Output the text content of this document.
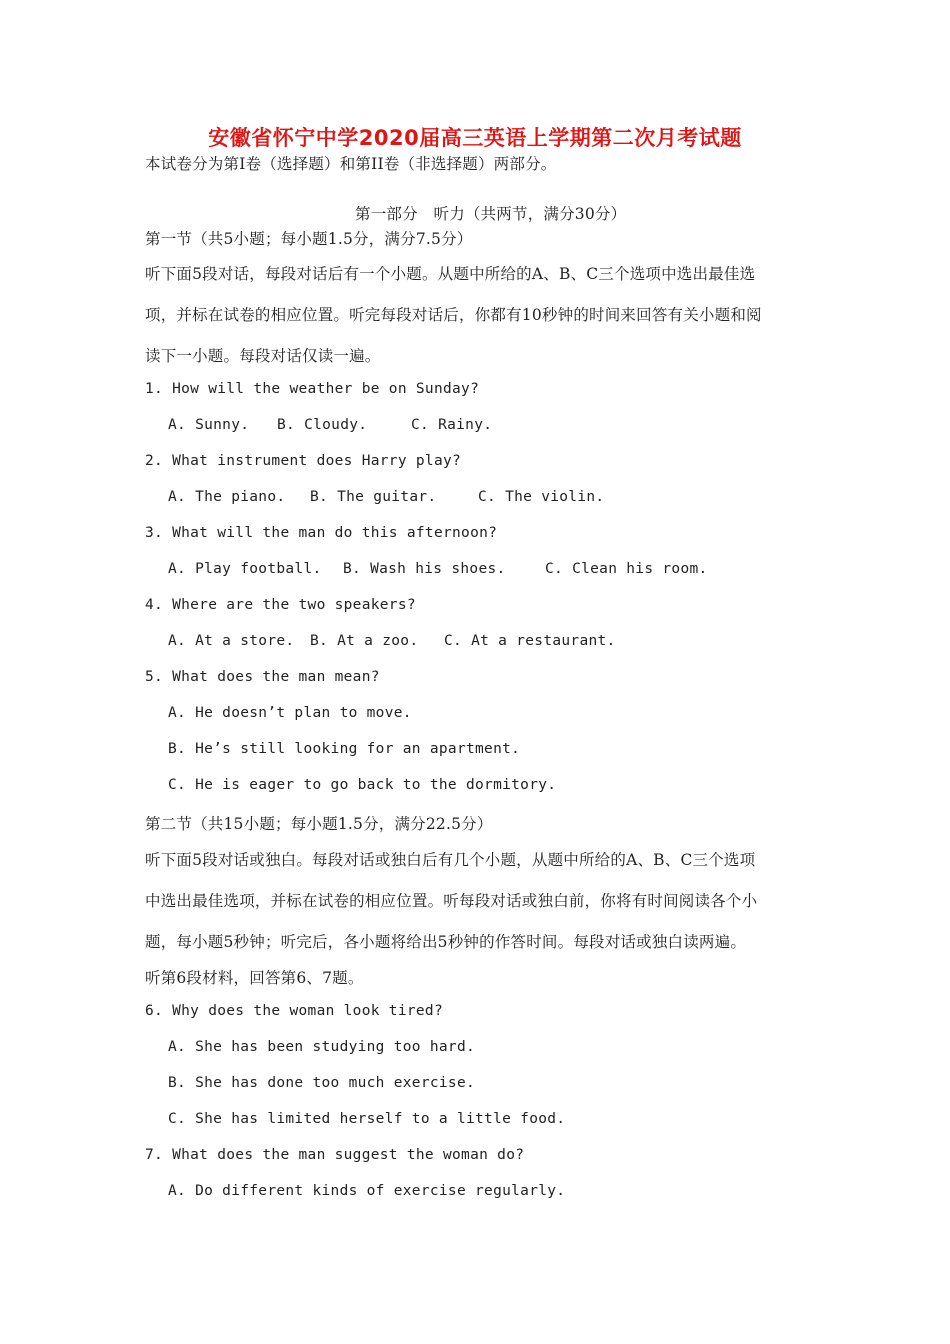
安徽省怀宁中学2020届高三英语上学期第二次月考试题
本试卷分为第I卷（选择题）和第II卷（非选择题）两部分。
第一部分　听力（共两节，满分30分）
第一节（共5小题；每小题1.5分，满分7.5分）
听下面5段对话，每段对话后有一个小题。从题中所给的A、B、C三个选项中选出最佳选
项，并标在试卷的相应位置。听完每段对话后，你都有10秒钟的时间来回答有关小题和阅
读下一小题。每段对话仅读一遍。
1. How will the weather be on Sunday?
A. Sunny. B. Cloudy.	C. Rainy.
2. What instrument does Harry play?
A. The piano. B. The guitar.	C. The violin.
3. What will the man do this afternoon?
A. Play football. B. Wash his shoes.	C. Clean his room.
4. Where are the two speakers?
A. At a store. B. At a zoo. C. At a restaurant.
5. What does the man mean?
A. He doesn’t plan to move.
B. He’s still looking for an apartment.
C. He is eager to go back to the dormitory.
第二节（共15小题；每小题1.5分，满分22.5分）
听下面5段对话或独白。每段对话或独白后有几个小题，从题中所给的A、B、C三个选项
中选出最佳选项，并标在试卷的相应位置。听每段对话或独白前，你将有时间阅读各个小
题，每小题5秒钟；听完后，各小题将给出5秒钟的作答时间。每段对话或独白读两遍。
听第6段材料，回答第6、7题。
6. Why does the woman look tired?
A. She has been studying too hard.
B. She has done too much exercise.
C. She has limited herself to a little food.
7. What does the man suggest the woman do?
A. Do different kinds of exercise regularly.
